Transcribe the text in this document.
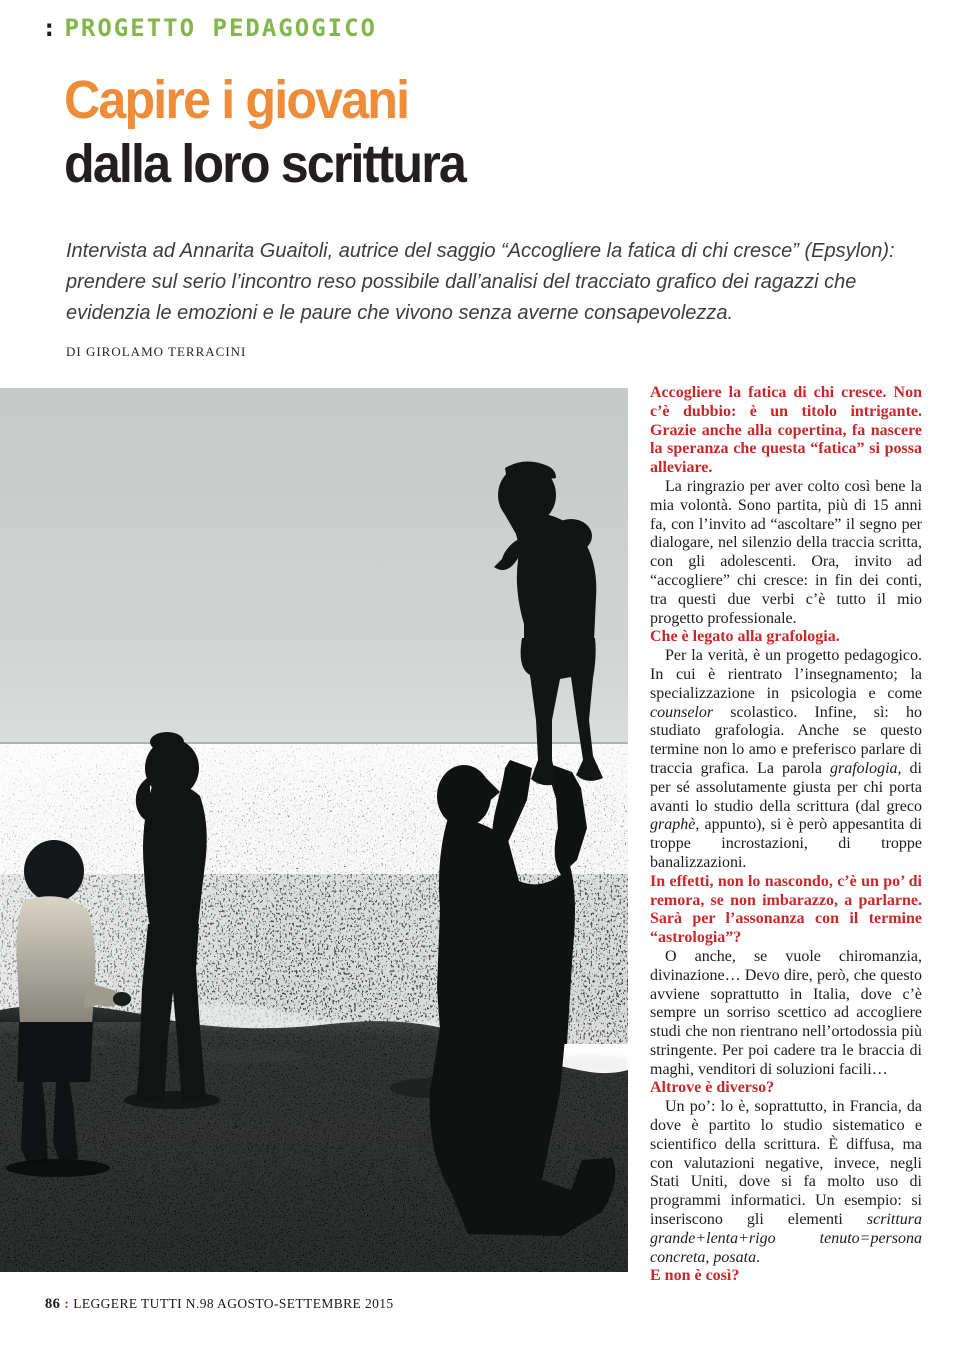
: PROGETTO PEDAGOGICO
Capire i giovani
dalla loro scrittura
Intervista ad Annarita Guaitoli, autrice del saggio “Accogliere la fatica di chi cresce” (Epsylon): prendere sul serio l’incontro reso possibile dall’analisi del tracciato grafico dei ragazzi che evidenzia le emozioni e le paure che vivono senza averne consapevolezza.
DI GIROLAMO TERRACINI

Accogliere la fatica di chi cresce. Non c’è dubbio: è un titolo intrigante. Grazie anche alla copertina, fa nascere la speranza che questa “fatica” si possa alleviare.

La ringrazio per aver colto così bene la mia volontà. Sono partita, più di 15 anni fa, con l’invito ad “ascoltare” il segno per dialogare, nel silenzio della traccia scritta, con gli adolescenti. Ora, invito ad “accogliere” chi cresce: in fin dei conti, tra questi due verbi c’è tutto il mio progetto professionale.

Che è legato alla grafologia.

Per la verità, è un progetto pedagogico. In cui è rientrato l’insegnamento; la specializzazione in psicologia e come counselor scolastico. Infine, sì: ho studiato grafologia. Anche se questo termine non lo amo e preferisco parlare di traccia grafica. La parola grafologia, di per sé assolutamente giusta per chi porta avanti lo studio della scrittura (dal greco graphè, appunto), si è però appesantita di troppe incrostazioni, di troppe banalizzazioni.

In effetti, non lo nascondo, c’è un po’ di remora, se non imbarazzo, a parlarne. Sarà per l’assonanza con il termine “astrologia”?

O anche, se vuole chiromanzia, divinazione… Devo dire, però, che questo avviene soprattutto in Italia, dove c’è sempre un sorriso scettico ad accogliere studi che non rientrano nell’ortodossia più stringente. Per poi cadere tra le braccia di maghi, venditori di soluzioni facili…

Altrove è diverso?

Un po’: lo è, soprattutto, in Francia, da dove è partito lo studio sistematico e scientifico della scrittura. È diffusa, ma con valutazioni negative, invece, negli Stati Uniti, dove si fa molto uso di programmi informatici. Un esempio: si inseriscono gli elementi scrittura grande+lenta+rigo tenuto=persona concreta, posata.

E non è così?

86 : LEGGERE TUTTI N.98 AGOSTO-SETTEMBRE 2015
